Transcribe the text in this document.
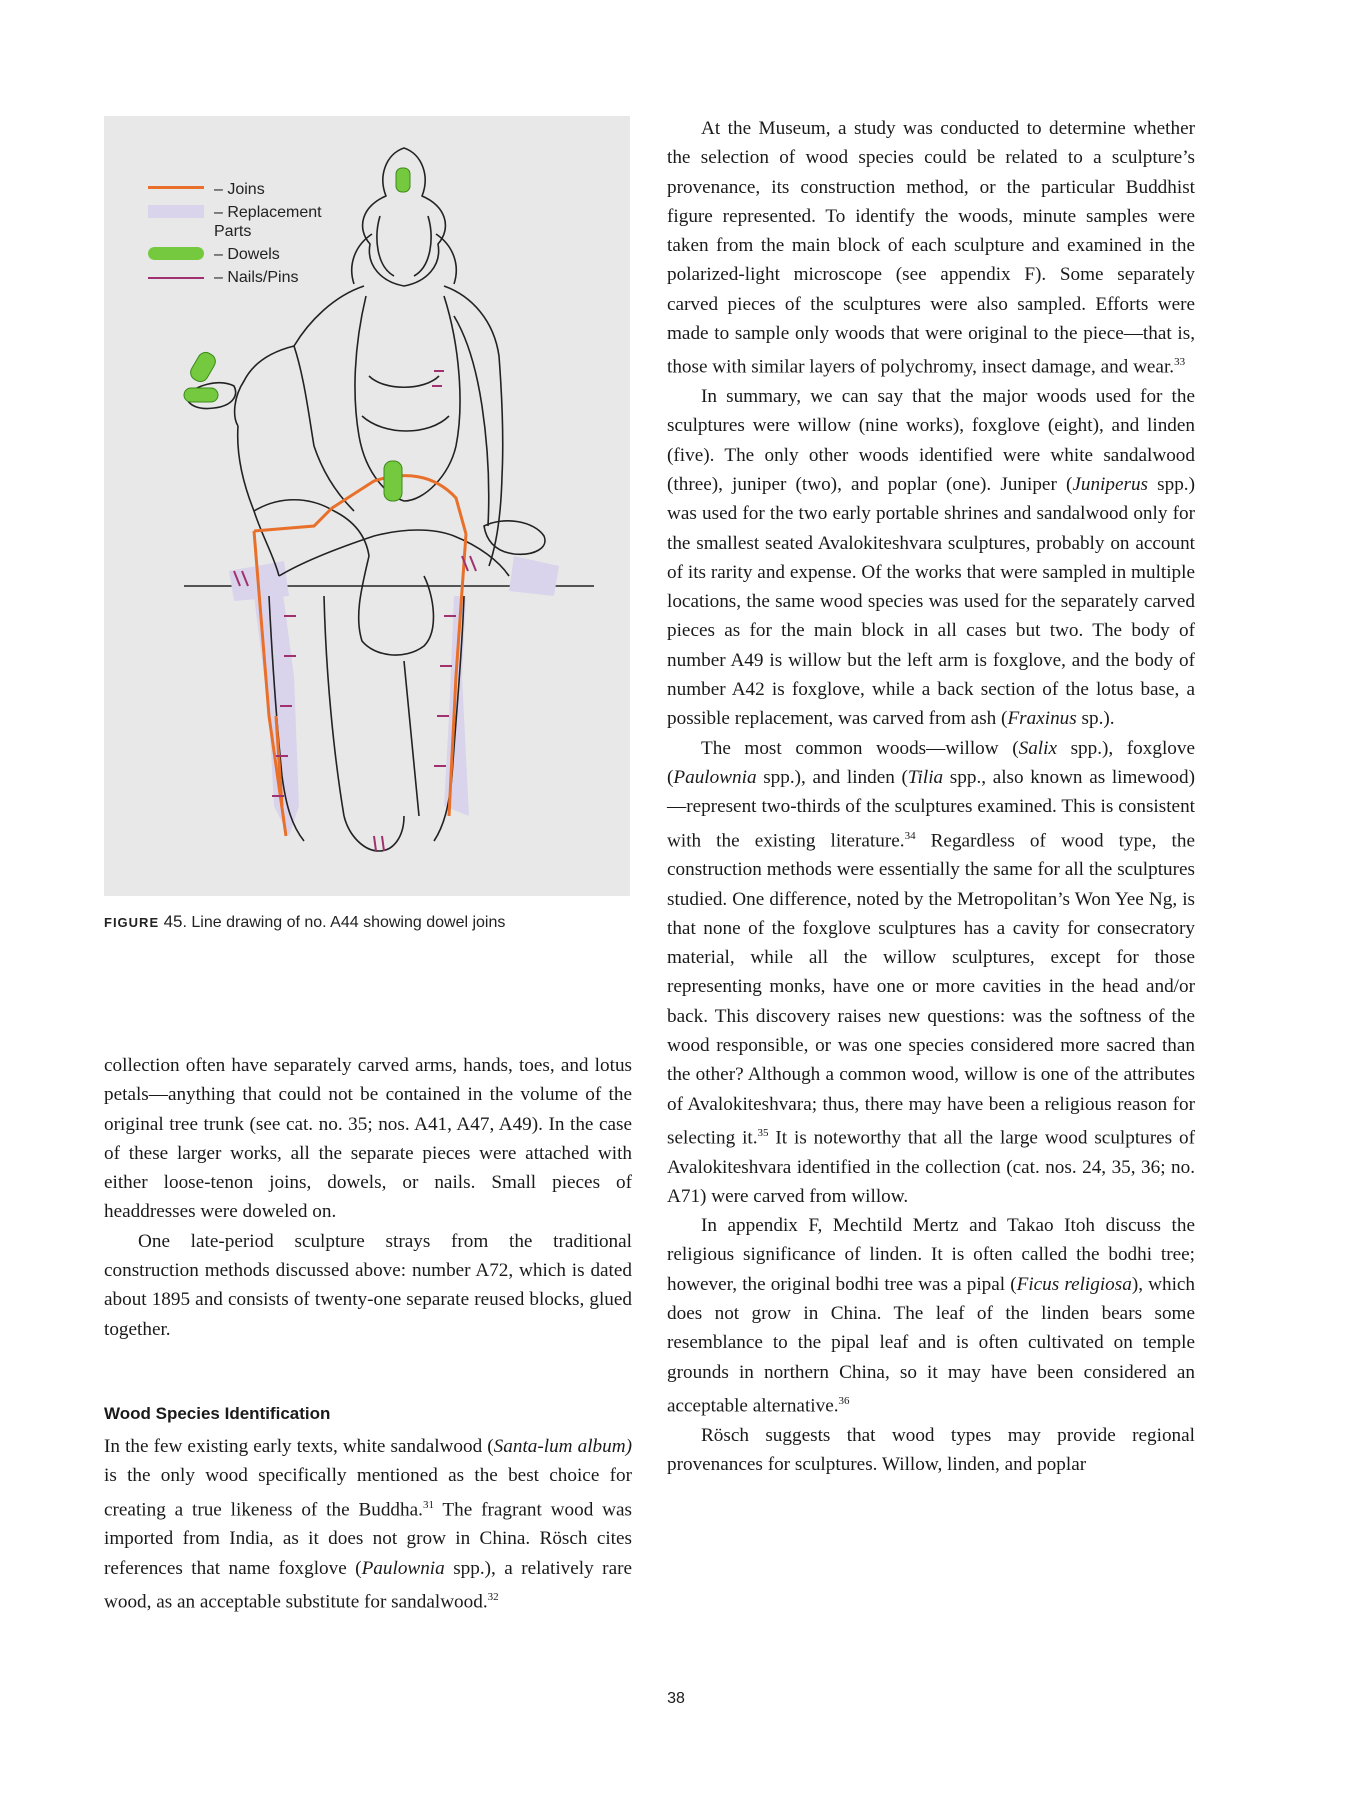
– Joins
– Replacement
Parts
– Dowels
– Nails/Pins
FIGURE 45. Line drawing of no. A44 showing dowel joins

collection often have separately carved arms, hands, toes, and lotus petals—anything that could not be contained in the volume of the original tree trunk (see cat. no. 35; nos. A41, A47, A49). In the case of these larger works, all the separate pieces were attached with either loose-tenon joins, dowels, or nails. Small pieces of headdresses were doweled on.

One late-period sculpture strays from the traditional construction methods discussed above: number A72, which is dated about 1895 and consists of twenty-one separate reused blocks, glued together.

Wood Species Identification

In the few existing early texts, white sandalwood (Santa-lum album) is the only wood specifically mentioned as the best choice for creating a true likeness of the Buddha.$^{31}$ The fragrant wood was imported from India, as it does not grow in China. Rösch cites references that name foxglove (Paulownia spp.), a relatively rare wood, as an acceptable substitute for sandalwood.$^{32}$

At the Museum, a study was conducted to determine whether the selection of wood species could be related to a sculpture’s provenance, its construction method, or the particular Buddhist figure represented. To identify the woods, minute samples were taken from the main block of each sculpture and examined in the polarized-light microscope (see appendix F). Some separately carved pieces of the sculptures were also sampled. Efforts were made to sample only woods that were original to the piece—that is, those with similar layers of polychromy, insect damage, and wear.$^{33}$

In summary, we can say that the major woods used for the sculptures were willow (nine works), foxglove (eight), and linden (five). The only other woods identified were white sandalwood (three), juniper (two), and poplar (one). Juniper (Juniperus spp.) was used for the two early portable shrines and sandalwood only for the smallest seated Avalokiteshvara sculptures, probably on account of its rarity and expense. Of the works that were sampled in multiple locations, the same wood species was used for the separately carved pieces as for the main block in all cases but two. The body of number A49 is willow but the left arm is foxglove, and the body of number A42 is foxglove, while a back section of the lotus base, a possible replacement, was carved from ash (Fraxinus sp.).

The most common woods—willow (Salix spp.), foxglove (Paulownia spp.), and linden (Tilia spp., also known as limewood)—represent two-thirds of the sculptures examined. This is consistent with the existing literature.$^{34}$ Regardless of wood type, the construction methods were essentially the same for all the sculptures studied. One difference, noted by the Metropolitan’s Won Yee Ng, is that none of the foxglove sculptures has a cavity for consecratory material, while all the willow sculptures, except for those representing monks, have one or more cavities in the head and/or back. This discovery raises new questions: was the softness of the wood responsible, or was one species considered more sacred than the other? Although a common wood, willow is one of the attributes of Avalokiteshvara; thus, there may have been a religious reason for selecting it.$^{35}$ It is noteworthy that all the large wood sculptures of Avalokiteshvara identified in the collection (cat. nos. 24, 35, 36; no. A71) were carved from willow.

In appendix F, Mechtild Mertz and Takao Itoh discuss the religious significance of linden. It is often called the bodhi tree; however, the original bodhi tree was a pipal (Ficus religiosa), which does not grow in China. The leaf of the linden bears some resemblance to the pipal leaf and is often cultivated on temple grounds in northern China, so it may have been considered an acceptable alternative.$^{36}$

Rösch suggests that wood types may provide regional provenances for sculptures. Willow, linden, and poplar

38
